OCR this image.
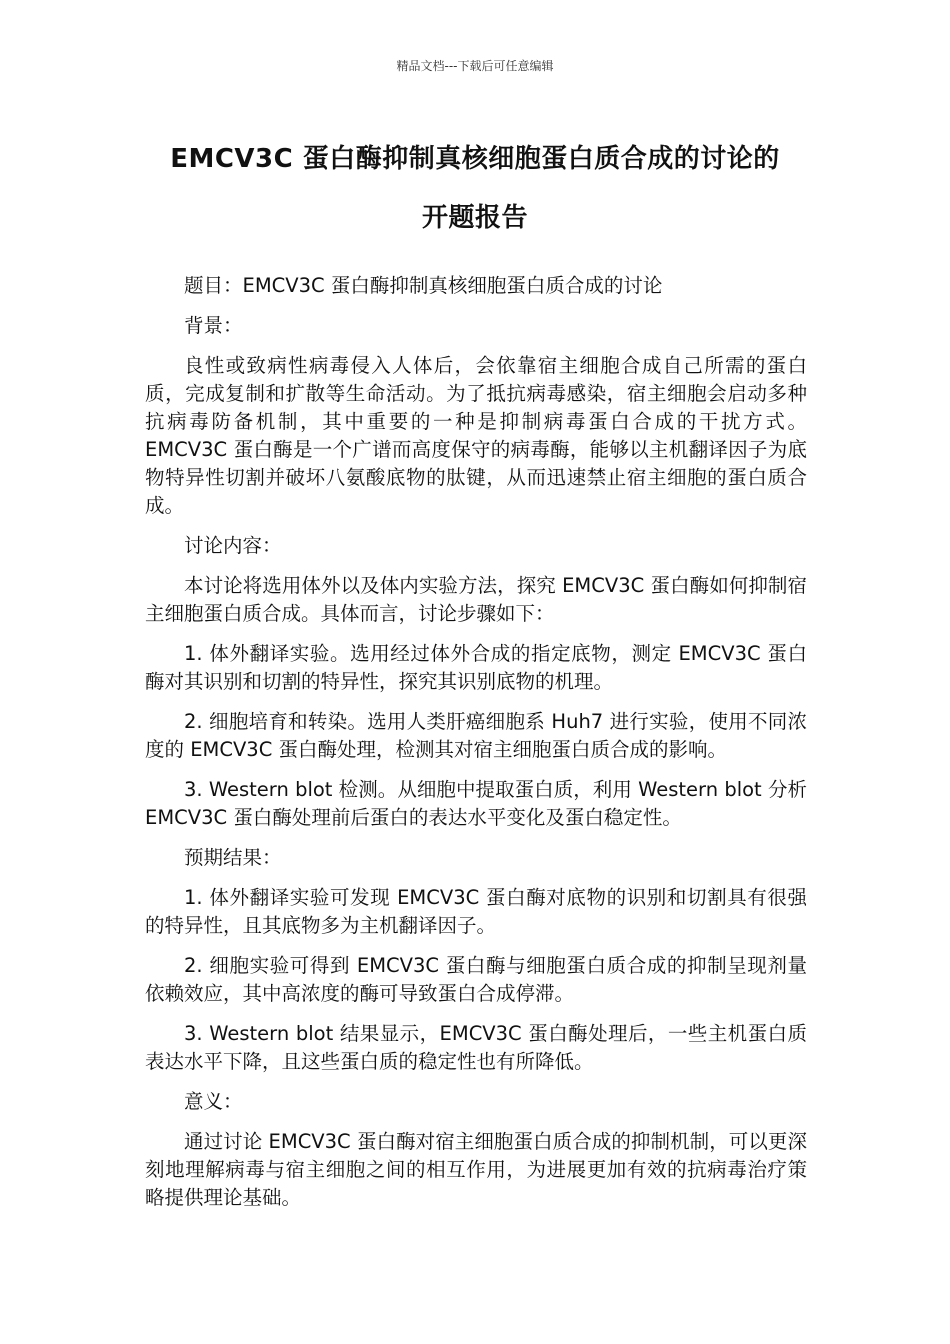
精品文档---下载后可任意编辑
EMCV3C 蛋白酶抑制真核细胞蛋白质合成的讨论的
开题报告

题目：EMCV3C 蛋白酶抑制真核细胞蛋白质合成的讨论

背景：

良性或致病性病毒侵入人体后，会依靠宿主细胞合成自己所需的蛋白质，完成复制和扩散等生命活动。为了抵抗病毒感染，宿主细胞会启动多种抗病毒防备机制，其中重要的一种是抑制病毒蛋白合成的干扰方式。EMCV3C 蛋白酶是一个广谱而高度保守的病毒酶，能够以主机翻译因子为底物特异性切割并破坏八氨酸底物的肽键，从而迅速禁止宿主细胞的蛋白质合成。

讨论内容：

本讨论将选用体外以及体内实验方法，探究 EMCV3C 蛋白酶如何抑制宿主细胞蛋白质合成。具体而言，讨论步骤如下：

1. 体外翻译实验。选用经过体外合成的指定底物，测定 EMCV3C 蛋白酶对其识别和切割的特异性，探究其识别底物的机理。

2. 细胞培育和转染。选用人类肝癌细胞系 Huh7 进行实验，使用不同浓度的 EMCV3C 蛋白酶处理，检测其对宿主细胞蛋白质合成的影响。

3. Western blot 检测。从细胞中提取蛋白质，利用 Western blot 分析 EMCV3C 蛋白酶处理前后蛋白的表达水平变化及蛋白稳定性。

预期结果：

1. 体外翻译实验可发现 EMCV3C 蛋白酶对底物的识别和切割具有很强的特异性，且其底物多为主机翻译因子。

2. 细胞实验可得到 EMCV3C 蛋白酶与细胞蛋白质合成的抑制呈现剂量依赖效应，其中高浓度的酶可导致蛋白合成停滞。

3. Western blot 结果显示，EMCV3C 蛋白酶处理后，一些主机蛋白质表达水平下降，且这些蛋白质的稳定性也有所降低。

意义：

通过讨论 EMCV3C 蛋白酶对宿主细胞蛋白质合成的抑制机制，可以更深刻地理解病毒与宿主细胞之间的相互作用，为进展更加有效的抗病毒治疗策略提供理论基础。
